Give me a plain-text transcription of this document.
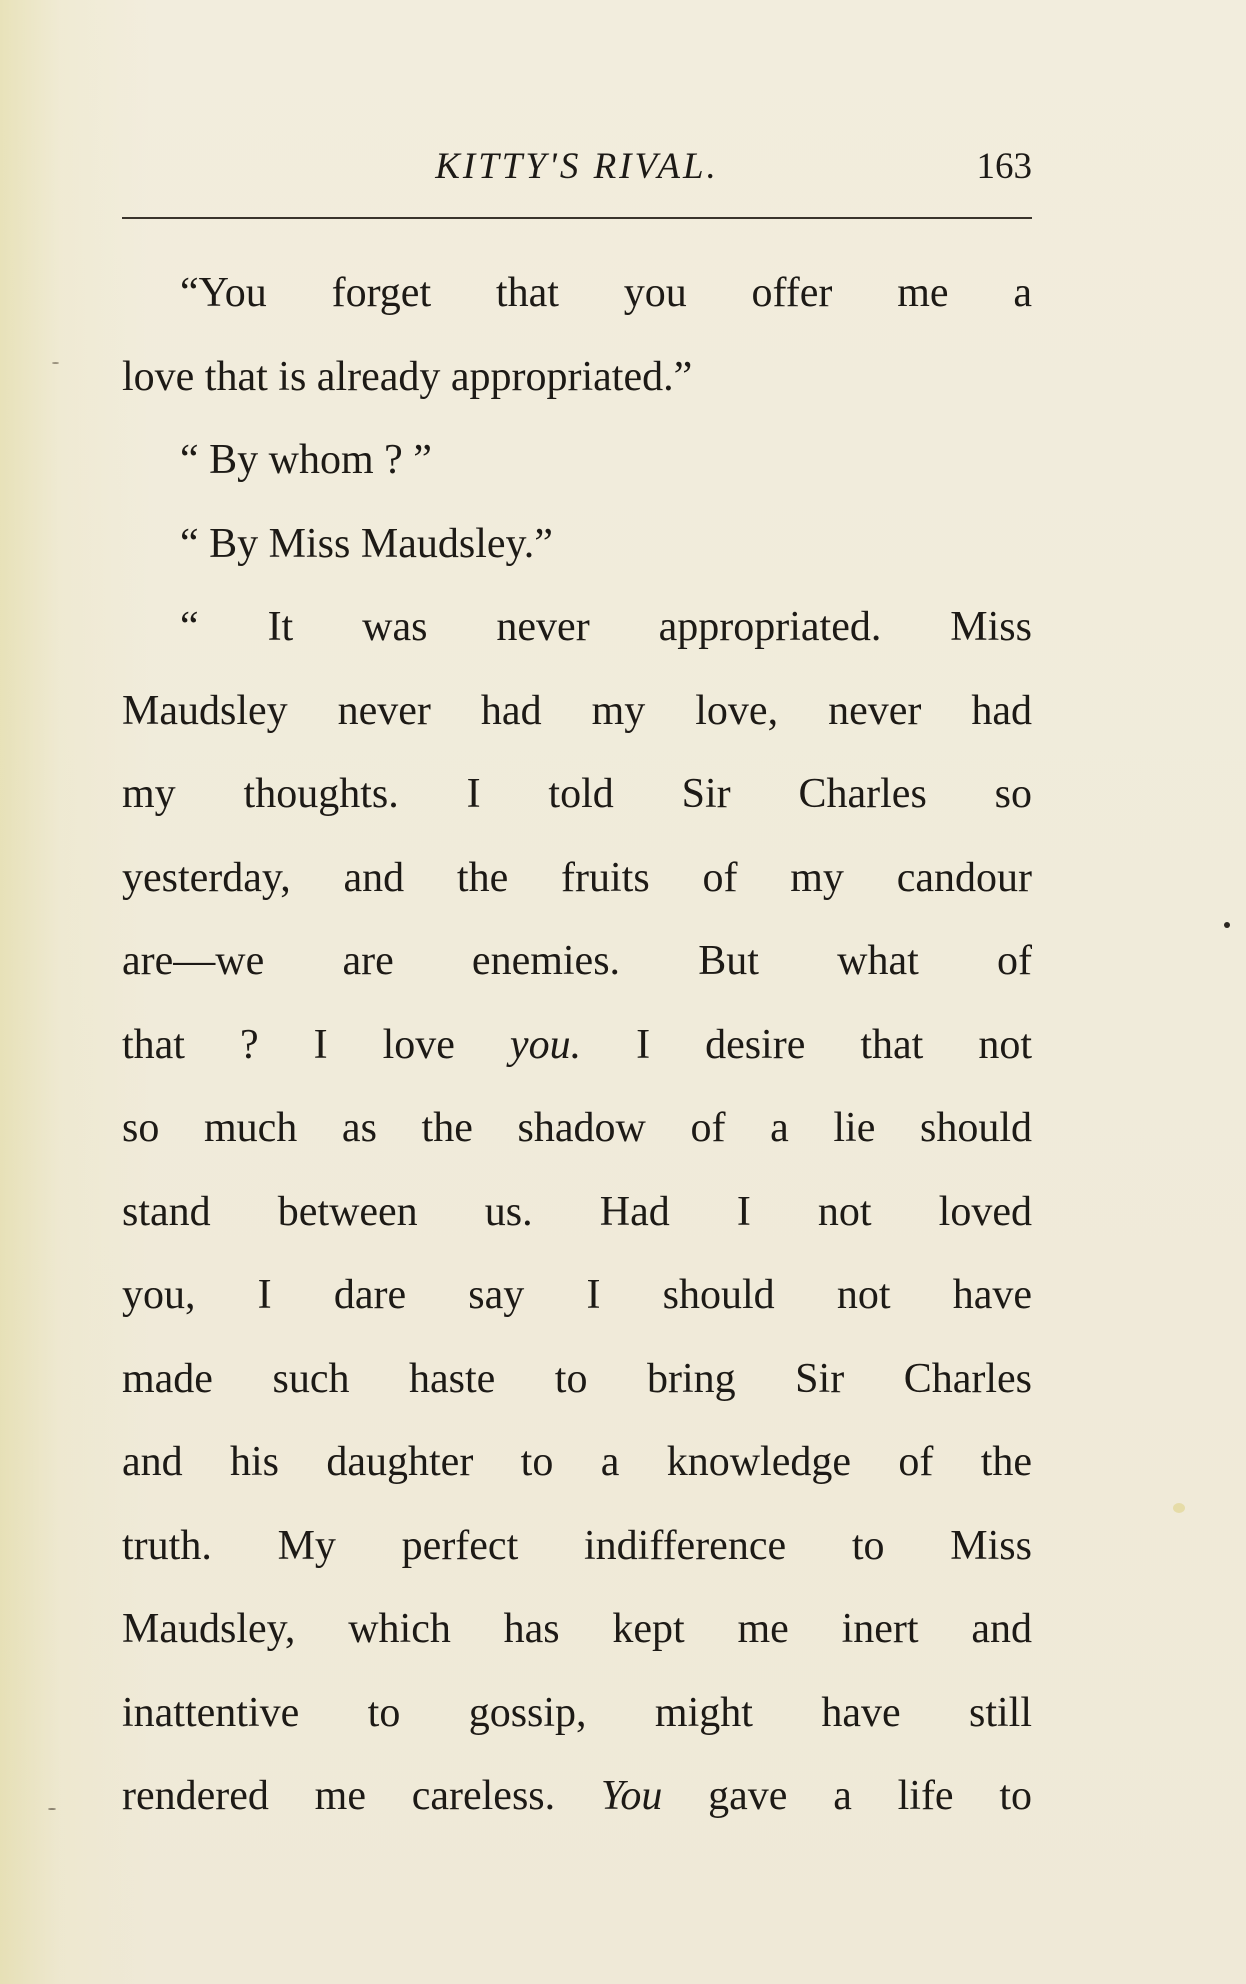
KITTY'S RIVAL.	163
“You forget that you offer me a
love that is already appropriated.”
“ By whom ? ”
“ By Miss Maudsley.”
“ It was never appropriated. Miss
Maudsley never had my love, never had
my thoughts. I told Sir Charles so
yesterday, and the fruits of my candour
are—we are enemies. But what of
that ? I love you. I desire that not
so much as the shadow of a lie should
stand between us. Had I not loved
you, I dare say I should not have
made such haste to bring Sir Charles
and his daughter to a knowledge of the
truth. My perfect indifference to Miss
Maudsley, which has kept me inert and
inattentive to gossip, might have still
rendered me careless. You gave a life to
